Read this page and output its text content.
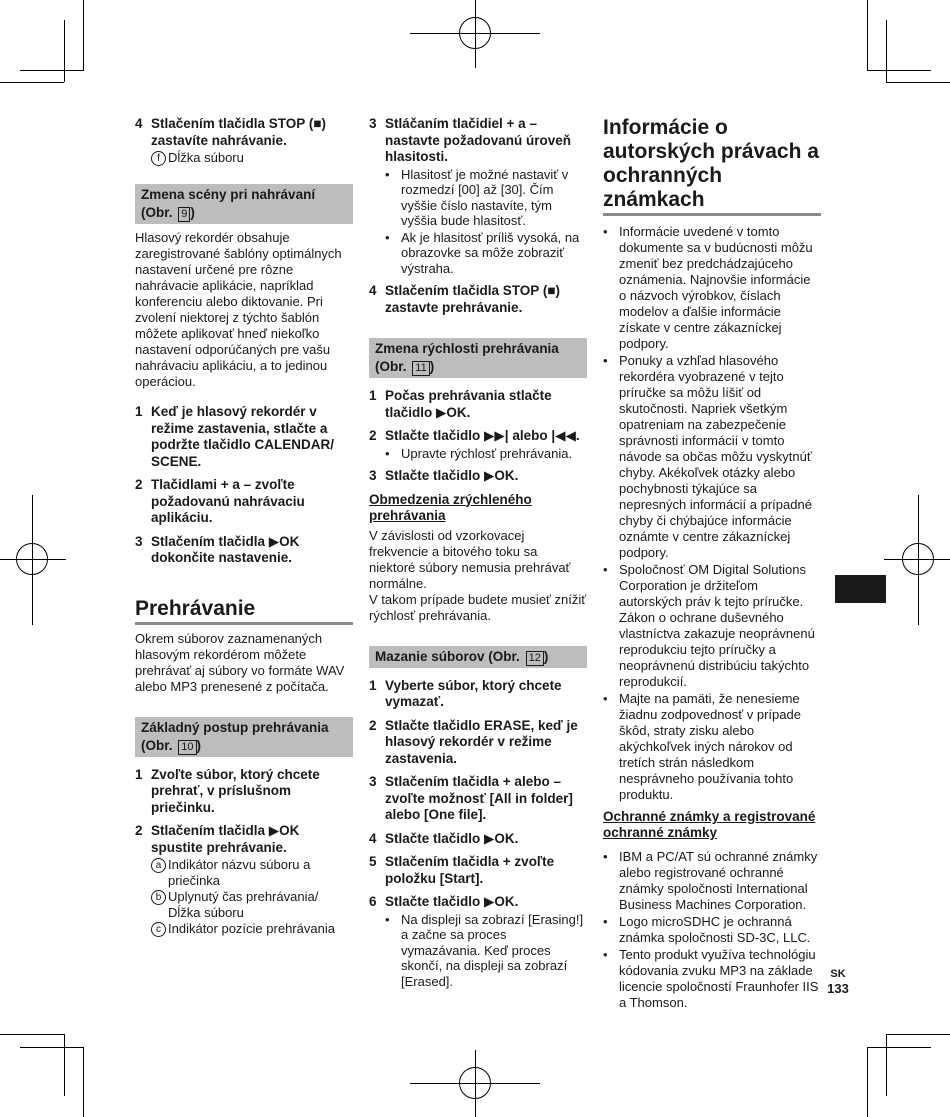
4 Stlačením tlačidla STOP (■) zastavíte nahrávanie.
f Dĺžka súboru
Zmena scény pri nahrávaní
(Obr. 9 )

Hlasový rekordér obsahuje zaregistrované šablóny optimálnych nastavení určené pre rôzne nahrávacie aplikácie, napríklad konferenciu alebo diktovanie. Pri zvolení niektorej z týchto šablón môžete aplikovať hneď niekoľko nastavení odporúčaných pre vašu nahrávaciu aplikáciu, a to jedinou operáciou.

1 Keď je hlasový rekordér v režime zastavenia, stlačte a podržte tlačidlo CALENDAR/ SCENE.
2 Tlačidlami + a – zvoľte požadovanú nahrávaciu aplikáciu.
3 Stlačením tlačidla ▶OK dokončite nastavenie.
Prehrávanie

Okrem súborov zaznamenaných hlasovým rekordérom môžete prehrávať aj súbory vo formáte WAV alebo MP3 prenesené z počítača.

Základný postup prehrávania
(Obr. 10 )
1 Zvoľte súbor, ktorý chcete prehrať, v príslušnom priečinku.
2 Stlačením tlačidla ▶OK spustite prehrávanie.
a Indikátor názvu súboru a priečinka
b Uplynutý čas prehrávania/ Dĺžka súboru
c Indikátor pozície prehrávania
3 Stláčaním tlačidiel + a – nastavte požadovanú úroveň hlasitosti.
• Hlasitosť je možné nastaviť v rozmedzí [00] až [30]. Čím vyššie číslo nastavíte, tým vyššia bude hlasitosť.
• Ak je hlasitosť príliš vysoká, na obrazovke sa môže zobraziť výstraha.
4 Stlačením tlačidla STOP (■) zastavte prehrávanie.
Zmena rýchlosti prehrávania
(Obr. 11 )
1 Počas prehrávania stlačte tlačidlo ▶OK.
2 Stlačte tlačidlo ▶▶| alebo |◀◀.
• Upravte rýchlosť prehrávania.
3 Stlačte tlačidlo ▶OK.
Obmedzenia zrýchleného prehrávania

V závislosti od vzorkovacej frekvencie a bitového toku sa niektoré súbory nemusia prehrávať normálne.
V takom prípade budete musieť znížiť rýchlosť prehrávania.

Mazanie súborov (Obr. 12 )
1 Vyberte súbor, ktorý chcete vymazať.
2 Stlačte tlačidlo ERASE, keď je hlasový rekordér v režime zastavenia.
3 Stlačením tlačidla + alebo – zvoľte možnosť [All in folder] alebo [One file].
4 Stlačte tlačidlo ▶OK.
5 Stlačením tlačidla + zvoľte položku [Start].
6 Stlačte tlačidlo ▶OK.
• Na displeji sa zobrazí [Erasing!] a začne sa proces vymazávania. Keď proces skončí, na displeji sa zobrazí [Erased].
Informácie o autorských právach a ochranných známkach
• Informácie uvedené v tomto dokumente sa v budúcnosti môžu zmeniť bez predchádzajúceho oznámenia. Najnovšie informácie o názvoch výrobkov, číslach modelov a ďalšie informácie získate v centre zákazníckej podpory.
• Ponuky a vzhľad hlasového rekordéra vyobrazené v tejto príručke sa môžu líšiť od skutočnosti. Napriek všetkým opatreniam na zabezpečenie správnosti informácií v tomto návode sa občas môžu vyskytnúť chyby. Akékoľvek otázky alebo pochybnosti týkajúce sa nepresných informácií a prípadné chyby či chýbajúce informácie oznámte v centre zákazníckej podpory.
• Spoločnosť OM Digital Solutions Corporation je držiteľom autorských práv k tejto príručke. Zákon o ochrane duševného vlastníctva zakazuje neoprávnenú reprodukciu tejto príručky a neoprávnenú distribúciu takýchto reprodukcií.
• Majte na pamäti, že nenesieme žiadnu zodpovednosť v prípade škôd, straty zisku alebo akýchkoľvek iných nárokov od tretích strán následkom nesprávneho používania tohto produktu.
Ochranné známky a registrované ochranné známky
• IBM a PC/AT sú ochranné známky alebo registrované ochranné známky spoločnosti International Business Machines Corporation.
• Logo microSDHC je ochranná známka spoločnosti SD-3C, LLC.
• Tento produkt využíva technológiu kódovania zvuku MP3 na základe licencie spoločností Fraunhofer IIS a Thomson.
SK
133
